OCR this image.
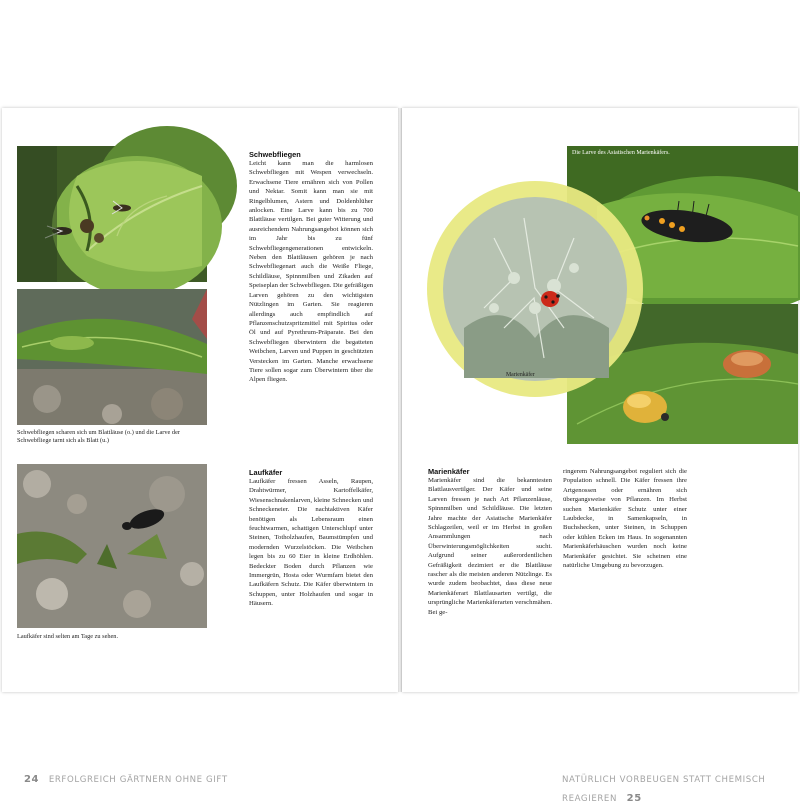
Schwebfliegen scharen sich um Blattläuse (o.) und die Larve der Schwebfliege tarnt sich als Blatt (u.)
Schwebfliegen
Leicht kann man die harmlosen Schwebfliegen mit Wespen verwechseln. Erwachsene Tiere ernähren sich von Pollen und Nektar. Somit kann man sie mit Ringelblumen, Astern und Doldenblüher anlocken. Eine Larve kann bis zu 700 Blattläuse vertilgen. Bei guter Witterung und ausreichendem Nahrungsangebot können sich im Jahr bis zu fünf Schwebfliegengenerationen entwickeln. Neben den Blattläusen gehören je nach Schwebfliegenart auch die Weiße Fliege, Schildläuse, Spinnmilben und Zikaden auf Speiseplan der Schwebfliegen. Die gefräßigen Larven gehören zu den wichtigsten Nützlingen im Garten. Sie reagieren allerdings auch empfindlich auf Pflanzenschutzspritzmittel mit Spiritus oder Öl und auf Pyrethrum-Präparate. Bei den Schwebfliegen überwintern die begatteten Weibchen, Larven und Puppen in geschützten Verstecken im Garten. Manche erwachsene Tiere sollen sogar zum Überwintern über die Alpen fliegen.
Laufkäfer sind selten am Tage zu sehen.
Laufkäfer
Laufkäfer fressen Asseln, Raupen, Drahtwürmer, Kartoffelkäfer, Wiesenschnakenlarven, kleine Schnecken und Schneckeneier. Die nachtaktiven Käfer benötigen als Lebensraum einen feuchtwarmen, schattigen Unterschlupf unter Steinen, Totholzhaufen, Baumstümpfen und modernden Wurzelstöcken. Die Weibchen legen bis zu 60 Eier in kleine Erdhöhlen. Bedeckter Boden durch Pflanzen wie Immergrün, Hosta oder Wurmfarn bietet den Laufkäfern Schutz. Die Käfer überwintern in Schuppen, unter Holzhaufen und sogar in Häusern.
24 ERFOLGREICH GÄRTNERN OHNE GIFT
Die Larve des Asiatischen Marienkäfers.
Marienkäfer
Marienkäfer
Marienkäfer sind die bekanntesten Blattlausvertilger. Der Käfer und seine Larven fressen je nach Art Pflanzenläuse, Spinnmilben und Schildläuse. Die letzten Jahre machte der Asiatische Marienkäfer Schlagzeilen, weil er im Herbst in großen Ansammlungen nach Überwinterungsmöglichkeiten sucht. Aufgrund seiner außerordentlichen Gefräßigkeit dezimiert er die Blattläuse rascher als die meisten anderen Nützlinge. Es wurde zudem beobachtet, dass diese neue Marienkäferart Blattlausarten vertilgt, die ursprüngliche Marienkäferarten verschmähen. Bei ge-
ringerem Nahrungsangebot reguliert sich die Population schnell. Die Käfer fressen ihre Artgenossen oder ernähren sich übergangsweise von Pflanzen. Im Herbst suchen Marienkäfer Schutz unter einer Laubdecke, in Samenkapseln, in Buchshecken, unter Steinen, in Schuppen oder kühlen Ecken im Haus. In sogenannten Marienkäferhäuschen wurden noch keine Marienkäfer gesichtet. Sie scheinen eine natürliche Umgebung zu bevorzugen.
NATÜRLICH VORBEUGEN STATT CHEMISCH REAGIEREN 25
